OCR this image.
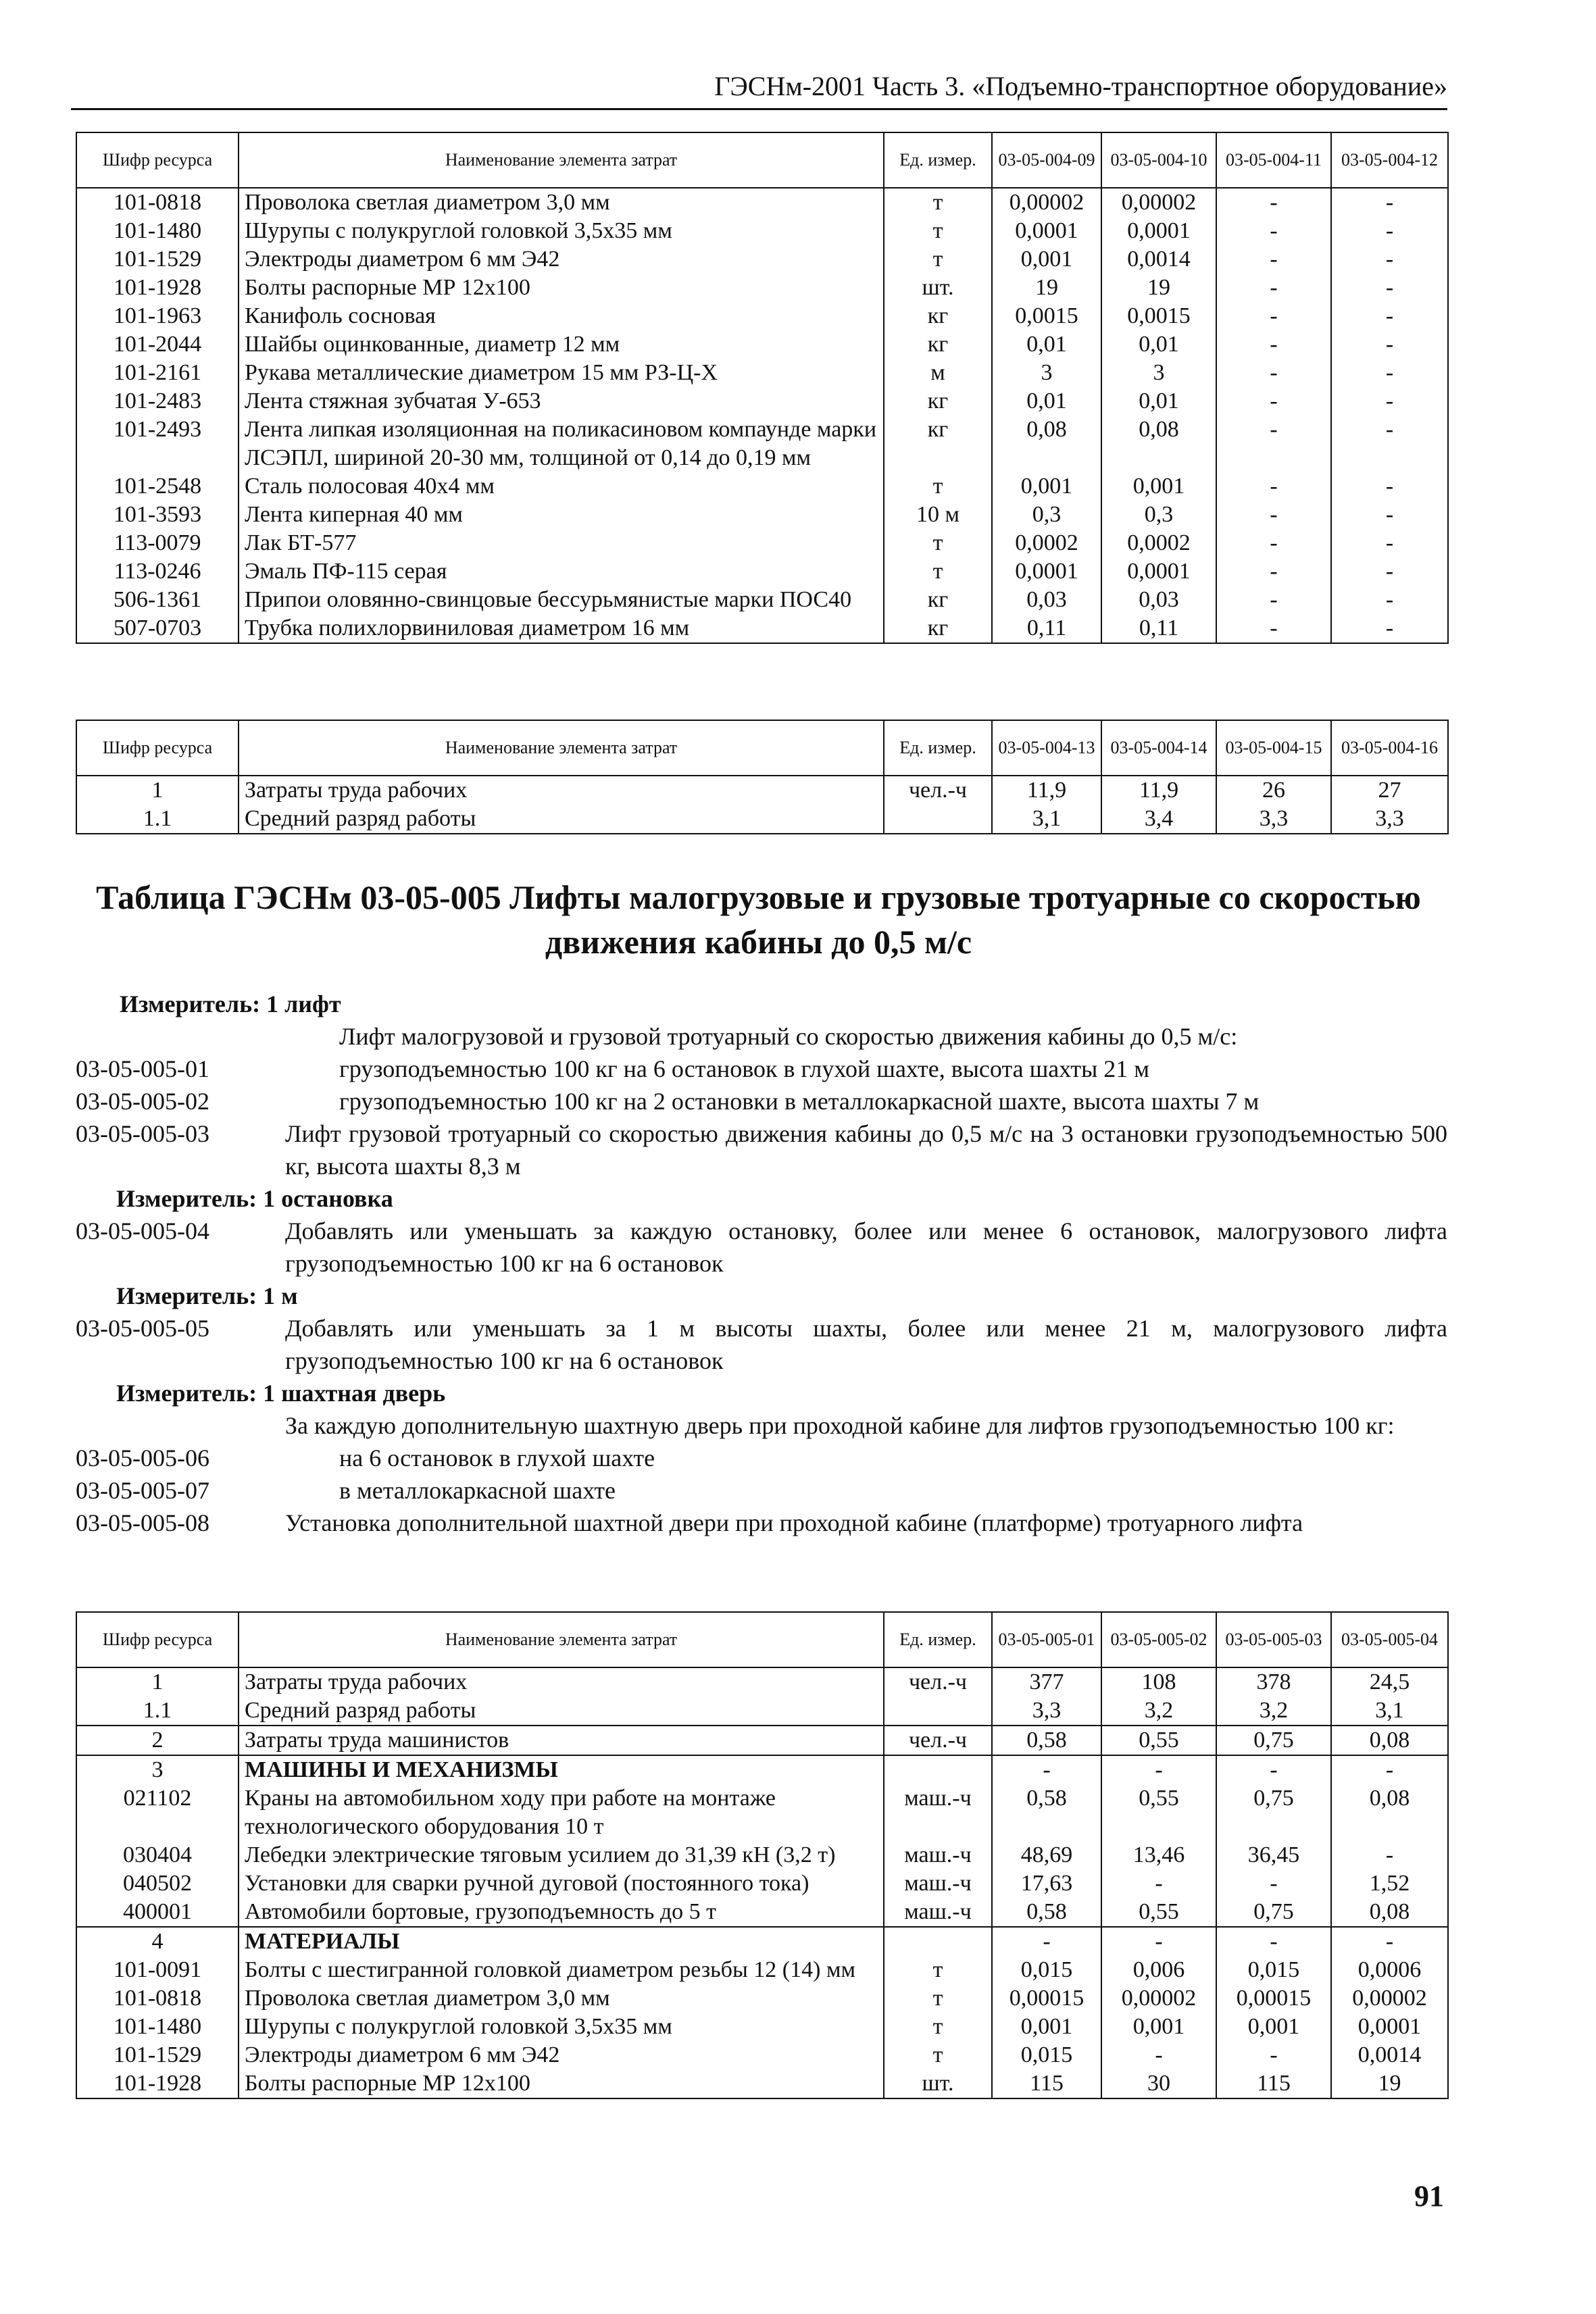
ГЭСНм-2001 Часть 3. «Подъемно-транспортное оборудование»
Шифр ресурса	Наименование элемента затрат	Ед. измер.	03-05-004-09	03-05-004-10	03-05-004-11	03-05-004-12
101-0818	Проволока светлая диаметром 3,0 мм	т	0,00002	0,00002	-	-
101-1480	Шурупы с полукруглой головкой 3,5х35 мм	т	0,0001	0,0001	-	-
101-1529	Электроды диаметром 6 мм Э42	т	0,001	0,0014	-	-
101-1928	Болты распорные МР 12х100	шт.	19	19	-	-
101-1963	Канифоль сосновая	кг	0,0015	0,0015	-	-
101-2044	Шайбы оцинкованные, диаметр 12 мм	кг	0,01	0,01	-	-
101-2161	Рукава металлические диаметром 15 мм РЗ-Ц-Х	м	3	3	-	-
101-2483	Лента стяжная зубчатая У-653	кг	0,01	0,01	-	-
101-2493	Лента липкая изоляционная на поликасиновом компаунде марки ЛСЭПЛ, шириной 20-30 мм, толщиной от 0,14 до 0,19 мм	кг	0,08	0,08	-	-
101-2548	Сталь полосовая 40х4 мм	т	0,001	0,001	-	-
101-3593	Лента киперная 40 мм	10 м	0,3	0,3	-	-
113-0079	Лак БТ-577	т	0,0002	0,0002	-	-
113-0246	Эмаль ПФ-115 серая	т	0,0001	0,0001	-	-
506-1361	Припои оловянно-свинцовые бессурьмянистые марки ПОС40	кг	0,03	0,03	-	-
507-0703	Трубка полихлорвиниловая диаметром 16 мм	кг	0,11	0,11	-	-
Шифр ресурса	Наименование элемента затрат	Ед. измер.	03-05-004-13	03-05-004-14	03-05-004-15	03-05-004-16
1	Затраты труда рабочих	чел.-ч	11,9	11,9	26	27
1.1	Средний разряд работы		3,1	3,4	3,3	3,3
Таблица ГЭСНм 03-05-005 Лифты малогрузовые и грузовые тротуарные со скоростью движения кабины до 0,5 м/с
Измеритель: 1 лифт
Лифт малогрузовой и грузовой тротуарный со скоростью движения кабины до 0,5 м/с:
03-05-005-01	грузоподъемностью 100 кг на 6 остановок в глухой шахте, высота шахты 21 м
03-05-005-02	грузоподъемностью 100 кг на 2 остановки в металлокаркасной шахте, высота шахты 7 м
03-05-005-03	Лифт грузовой тротуарный со скоростью движения кабины до 0,5 м/с на 3 остановки грузоподъемностью 500 кг, высота шахты 8,3 м
Измеритель: 1 остановка
03-05-005-04	Добавлять или уменьшать за каждую остановку, более или менее 6 остановок, малогрузового лифта грузоподъемностью 100 кг на 6 остановок
Измеритель: 1 м
03-05-005-05	Добавлять или уменьшать за 1 м высоты шахты, более или менее 21 м, малогрузового лифта грузоподъемностью 100 кг на 6 остановок
Измеритель: 1 шахтная дверь
За каждую дополнительную шахтную дверь при проходной кабине для лифтов грузоподъемностью 100 кг:
03-05-005-06	на 6 остановок в глухой шахте
03-05-005-07	в металлокаркасной шахте
03-05-005-08	Установка дополнительной шахтной двери при проходной кабине (платформе) тротуарного лифта
Шифр ресурса	Наименование элемента затрат	Ед. измер.	03-05-005-01	03-05-005-02	03-05-005-03	03-05-005-04
1	Затраты труда рабочих	чел.-ч	377	108	378	24,5
1.1	Средний разряд работы		3,3	3,2	3,2	3,1
2	Затраты труда машинистов	чел.-ч	0,58	0,55	0,75	0,08
3	МАШИНЫ И МЕХАНИЗМЫ		-	-	-	-
021102	Краны на автомобильном ходу при работе на монтаже технологического оборудования 10 т	маш.-ч	0,58	0,55	0,75	0,08
030404	Лебедки электрические тяговым усилием до 31,39 кН (3,2 т)	маш.-ч	48,69	13,46	36,45	-
040502	Установки для сварки ручной дуговой (постоянного тока)	маш.-ч	17,63	-	-	1,52
400001	Автомобили бортовые, грузоподъемность до 5 т	маш.-ч	0,58	0,55	0,75	0,08
4	МАТЕРИАЛЫ		-	-	-	-
101-0091	Болты с шестигранной головкой диаметром резьбы 12 (14) мм	т	0,015	0,006	0,015	0,0006
101-0818	Проволока светлая диаметром 3,0 мм	т	0,00015	0,00002	0,00015	0,00002
101-1480	Шурупы с полукруглой головкой 3,5х35 мм	т	0,001	0,001	0,001	0,0001
101-1529	Электроды диаметром 6 мм Э42	т	0,015	-	-	0,0014
101-1928	Болты распорные МР 12х100	шт.	115	30	115	19
91
